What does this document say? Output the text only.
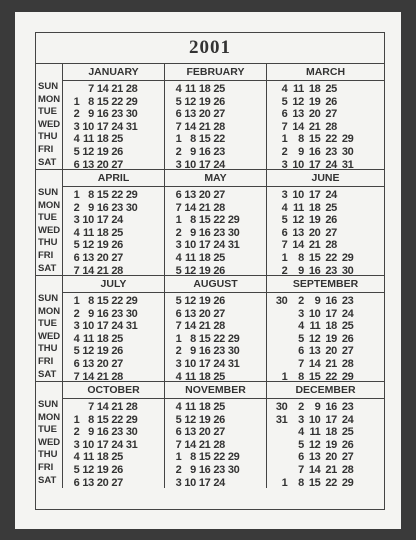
2001
SUN
MON
TUE
WED
THU
FRI
SAT
JANUARY
7 14 21 28
1 8 15 22 29
2 9 16 23 30
3 10 17 24 31
4 11 18 25
5 12 19 26
6 13 20 27
FEBRUARY
4 11 18 25
5 12 19 26
6 13 20 27
7 14 21 28
1 8 15 22
2 9 16 23
3 10 17 24
MARCH
4 11 18 25
5 12 19 26
6 13 20 27
7 14 21 28
1 8 15 22 29
2 9 16 23 30
3 10 17 24 31
SUN
MON
TUE
WED
THU
FRI
SAT
APRIL
1 8 15 22 29
2 9 16 23 30
3 10 17 24
4 11 18 25
5 12 19 26
6 13 20 27
7 14 21 28
MAY
6 13 20 27
7 14 21 28
1 8 15 22 29
2 9 16 23 30
3 10 17 24 31
4 11 18 25
5 12 19 26
JUNE
3 10 17 24
4 11 18 25
5 12 19 26
6 13 20 27
7 14 21 28
1 8 15 22 29
2 9 16 23 30
SUN
MON
TUE
WED
THU
FRI
SAT
JULY
1 8 15 22 29
2 9 16 23 30
3 10 17 24 31
4 11 18 25
5 12 19 26
6 13 20 27
7 14 21 28
AUGUST
5 12 19 26
6 13 20 27
7 14 21 28
1 8 15 22 29
2 9 16 23 30
3 10 17 24 31
4 11 18 25
SEPTEMBER
30 2 9 16 23
3 10 17 24
4 11 18 25
5 12 19 26
6 13 20 27
7 14 21 28
1 8 15 22 29
SUN
MON
TUE
WED
THU
FRI
SAT
OCTOBER
7 14 21 28
1 8 15 22 29
2 9 16 23 30
3 10 17 24 31
4 11 18 25
5 12 19 26
6 13 20 27
NOVEMBER
4 11 18 25
5 12 19 26
6 13 20 27
7 14 21 28
1 8 15 22 29
2 9 16 23 30
3 10 17 24
DECEMBER
30 2 9 16 23
31 3 10 17 24
4 11 18 25
5 12 19 26
6 13 20 27
7 14 21 28
1 8 15 22 29
